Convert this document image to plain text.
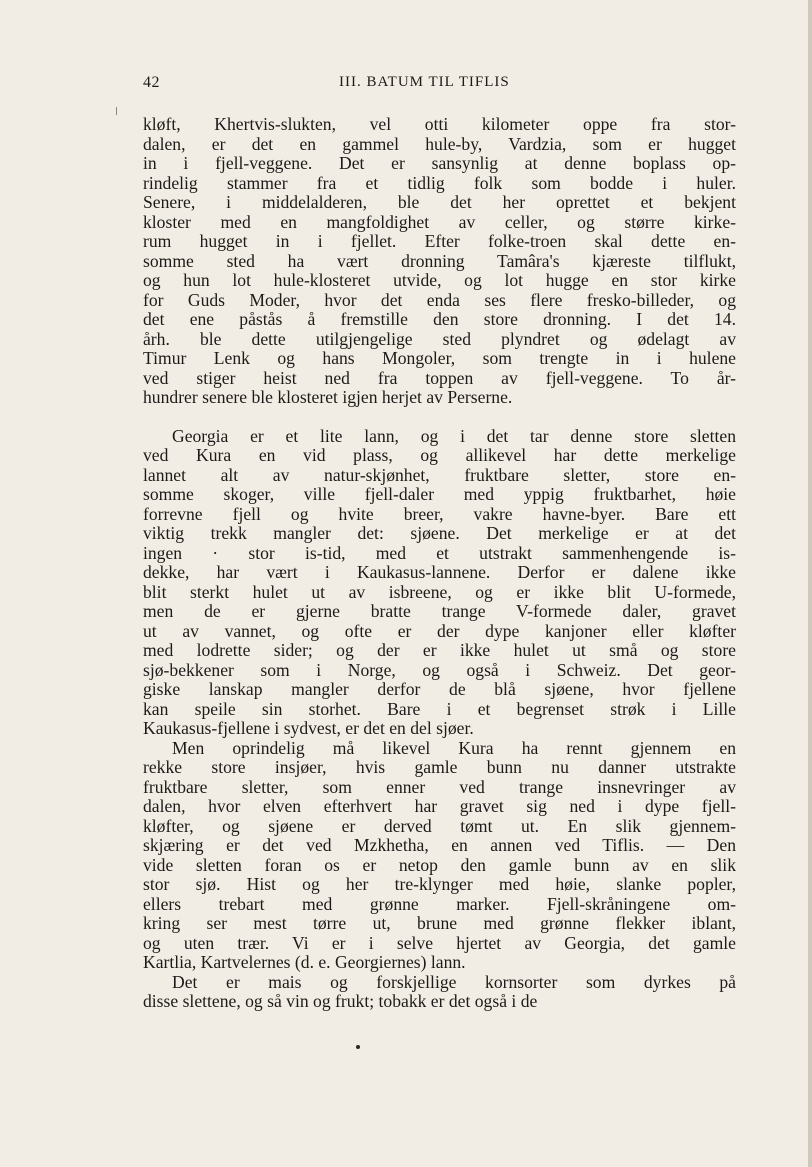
42	III. BATUM TIL TIFLIS

kløft, Khertvis-slukten, vel otti kilometer oppe fra stor-
dalen, er det en gammel hule-by, Vardzia, som er hugget
in i fjell-veggene. Det er sansynlig at denne boplass op-
rindelig stammer fra et tidlig folk som bodde i huler.
Senere, i middelalderen, ble det her oprettet et bekjent
kloster med en mangfoldighet av celler, og større kirke-
rum hugget in i fjellet. Efter folke-troen skal dette en-
somme sted ha vært dronning Tamâra's kjæreste tilflukt,
og hun lot hule-klosteret utvide, og lot hugge en stor kirke
for Guds Moder, hvor det enda ses flere fresko-billeder, og
det ene påstås å fremstille den store dronning. I det 14.
årh. ble dette utilgjengelige sted plyndret og ødelagt av
Timur Lenk og hans Mongoler, som trengte in i hulene
ved stiger heist ned fra toppen av fjell-veggene. To år-
hundrer senere ble klosteret igjen herjet av Perserne.

Georgia er et lite lann, og i det tar denne store sletten
ved Kura en vid plass, og allikevel har dette merkelige
lannet alt av natur-skjønhet, fruktbare sletter, store en-
somme skoger, ville fjell-daler med yppig fruktbarhet, høie
forrevne fjell og hvite breer, vakre havne-byer. Bare ett
viktig trekk mangler det: sjøene. Det merkelige er at det
ingen · stor is-tid, med et utstrakt sammenhengende is-
dekke, har vært i Kaukasus-lannene. Derfor er dalene ikke
blit sterkt hulet ut av isbreene, og er ikke blit U-formede,
men de er gjerne bratte trange V-formede daler, gravet
ut av vannet, og ofte er der dype kanjoner eller kløfter
med lodrette sider; og der er ikke hulet ut små og store
sjø-bekkener som i Norge, og også i Schweiz. Det geor-
giske lanskap mangler derfor de blå sjøene, hvor fjellene
kan speile sin storhet. Bare i et begrenset strøk i Lille
Kaukasus-fjellene i sydvest, er det en del sjøer.

Men oprindelig må likevel Kura ha rennt gjennem en
rekke store insjøer, hvis gamle bunn nu danner utstrakte
fruktbare sletter, som enner ved trange insnevringer av
dalen, hvor elven efterhvert har gravet sig ned i dype fjell-
kløfter, og sjøene er derved tømt ut. En slik gjennem-
skjæring er det ved Mzkhetha, en annen ved Tiflis. — Den
vide sletten foran os er netop den gamle bunn av en slik
stor sjø. Hist og her tre-klynger med høie, slanke popler,
ellers trebart med grønne marker. Fjell-skråningene om-
kring ser mest tørre ut, brune med grønne flekker iblant,
og uten trær. Vi er i selve hjertet av Georgia, det gamle
Kartlia, Kartvelernes (d. e. Georgiernes) lann.

Det er mais og forskjellige kornsorter som dyrkes på
disse slettene, og så vin og frukt; tobakk er det også i de
